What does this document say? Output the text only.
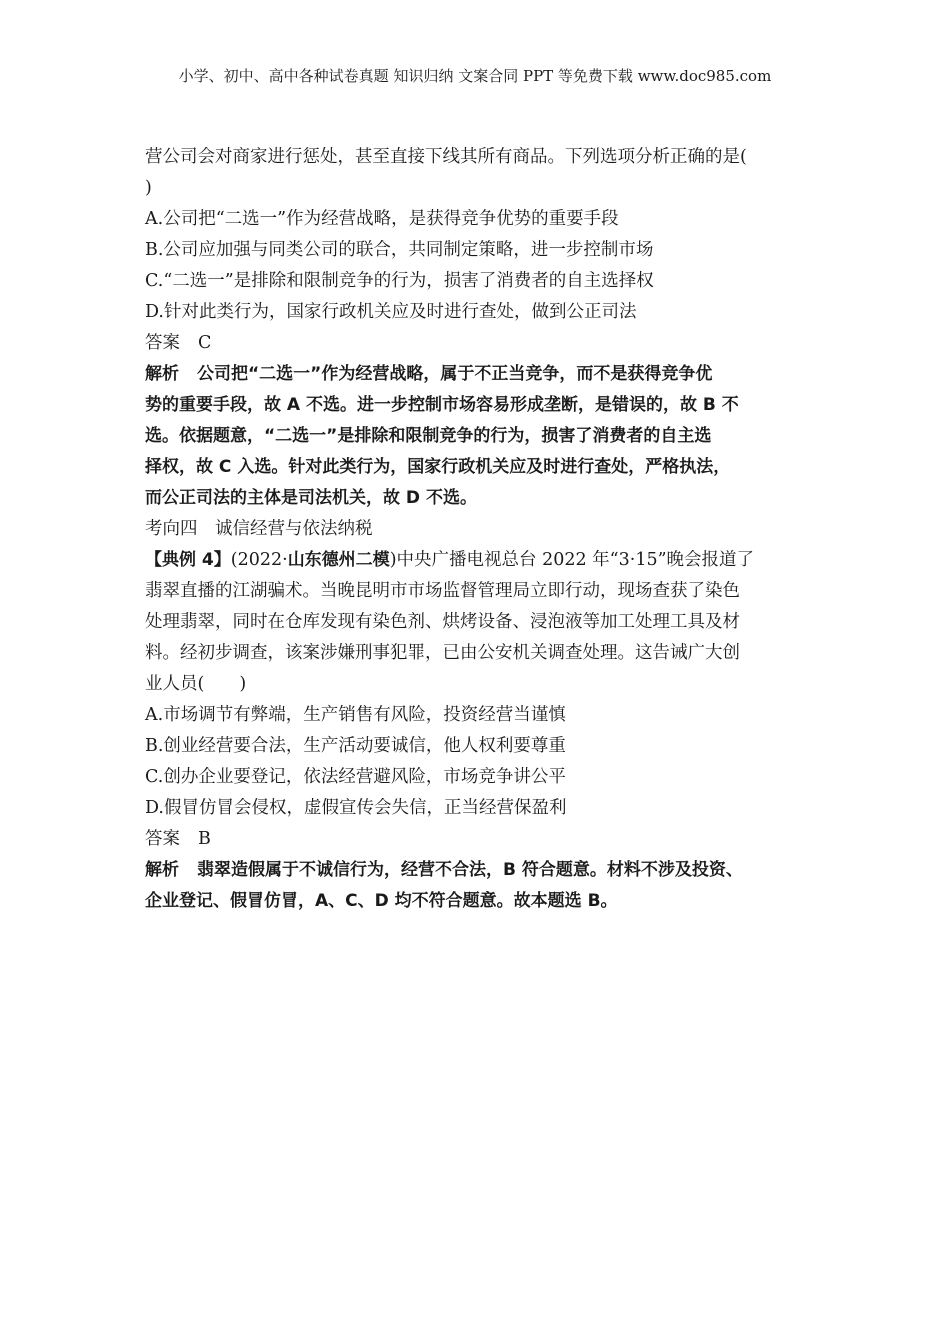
小学、初中、高中各种试卷真题 知识归纳 文案合同 PPT 等免费下载 www.doc985.com
营公司会对商家进行惩处，甚至直接下线其所有商品。下列选项分析正确的是(
)
A.公司把“二选一”作为经营战略，是获得竞争优势的重要手段
B.公司应加强与同类公司的联合，共同制定策略，进一步控制市场
C.“二选一”是排除和限制竞争的行为，损害了消费者的自主选择权
D.针对此类行为，国家行政机关应及时进行查处，做到公正司法
答案 C
解析 公司把“二选一”作为经营战略，属于不正当竞争，而不是获得竞争优
势的重要手段，故 A 不选。进一步控制市场容易形成垄断，是错误的，故 B 不
选。依据题意，“二选一”是排除和限制竞争的行为，损害了消费者的自主选
择权，故 C 入选。针对此类行为，国家行政机关应及时进行查处，严格执法，
而公正司法的主体是司法机关，故 D 不选。
考向四　诚信经营与依法纳税
【典例 4】(2022·山东德州二模)中央广播电视总台 2022 年“3·15”晚会报道了
翡翠直播的江湖骗术。当晚昆明市市场监督管理局立即行动，现场查获了染色
处理翡翠，同时在仓库发现有染色剂、烘烤设备、浸泡液等加工处理工具及材
料。经初步调查，该案涉嫌刑事犯罪，已由公安机关调查处理。这告诫广大创
业人员(　　)
A.市场调节有弊端，生产销售有风险，投资经营当谨慎
B.创业经营要合法，生产活动要诚信，他人权利要尊重
C.创办企业要登记，依法经营避风险，市场竞争讲公平
D.假冒仿冒会侵权，虚假宣传会失信，正当经营保盈利
答案 B
解析 翡翠造假属于不诚信行为，经营不合法，B 符合题意。材料不涉及投资、
企业登记、假冒仿冒，A、C、D 均不符合题意。故本题选 B。
